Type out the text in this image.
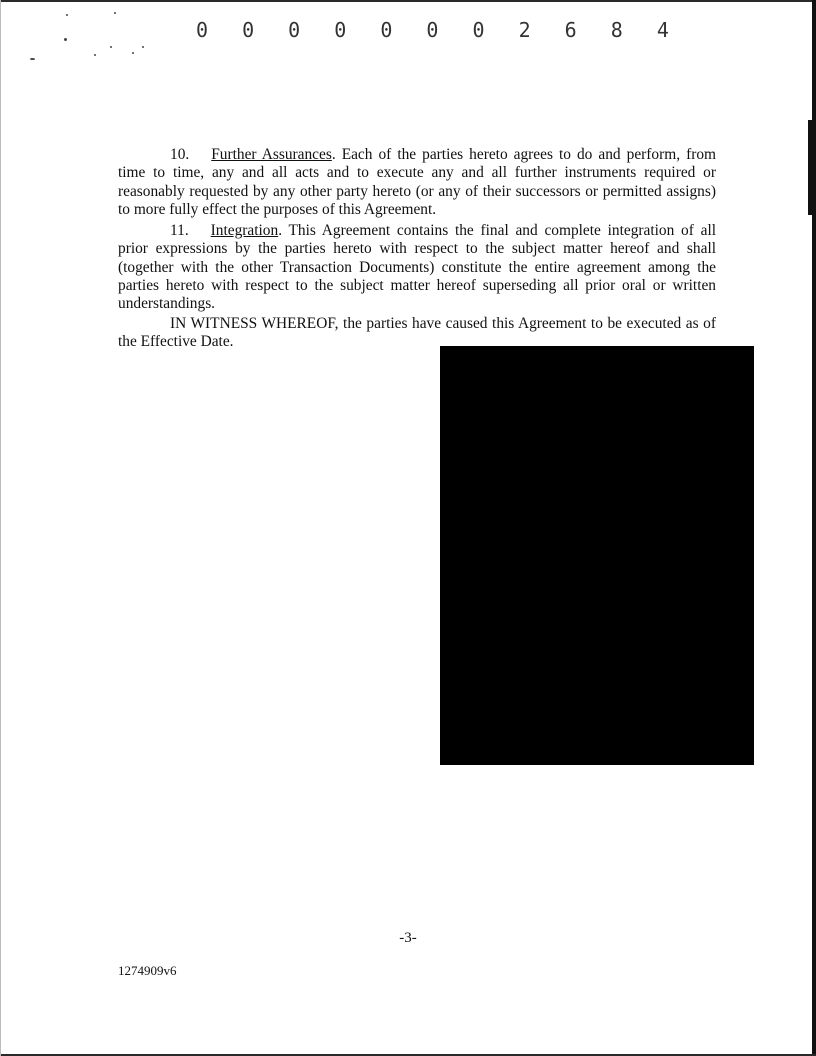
0 0 0 0 0 0 0 2 6 8 4

10. Further Assurances. Each of the parties hereto agrees to do and perform, from time to time, any and all acts and to execute any and all further instruments required or reasonably requested by any other party hereto (or any of their successors or permitted assigns) to more fully effect the purposes of this Agreement.

11. Integration. This Agreement contains the final and complete integration of all prior expressions by the parties hereto with respect to the subject matter hereof and shall (together with the other Transaction Documents) constitute the entire agreement among the parties hereto with respect to the subject matter hereof superseding all prior oral or written understandings.

IN WITNESS WHEREOF, the parties have caused this Agreement to be executed as of the Effective Date.

-3-
1274909v6
